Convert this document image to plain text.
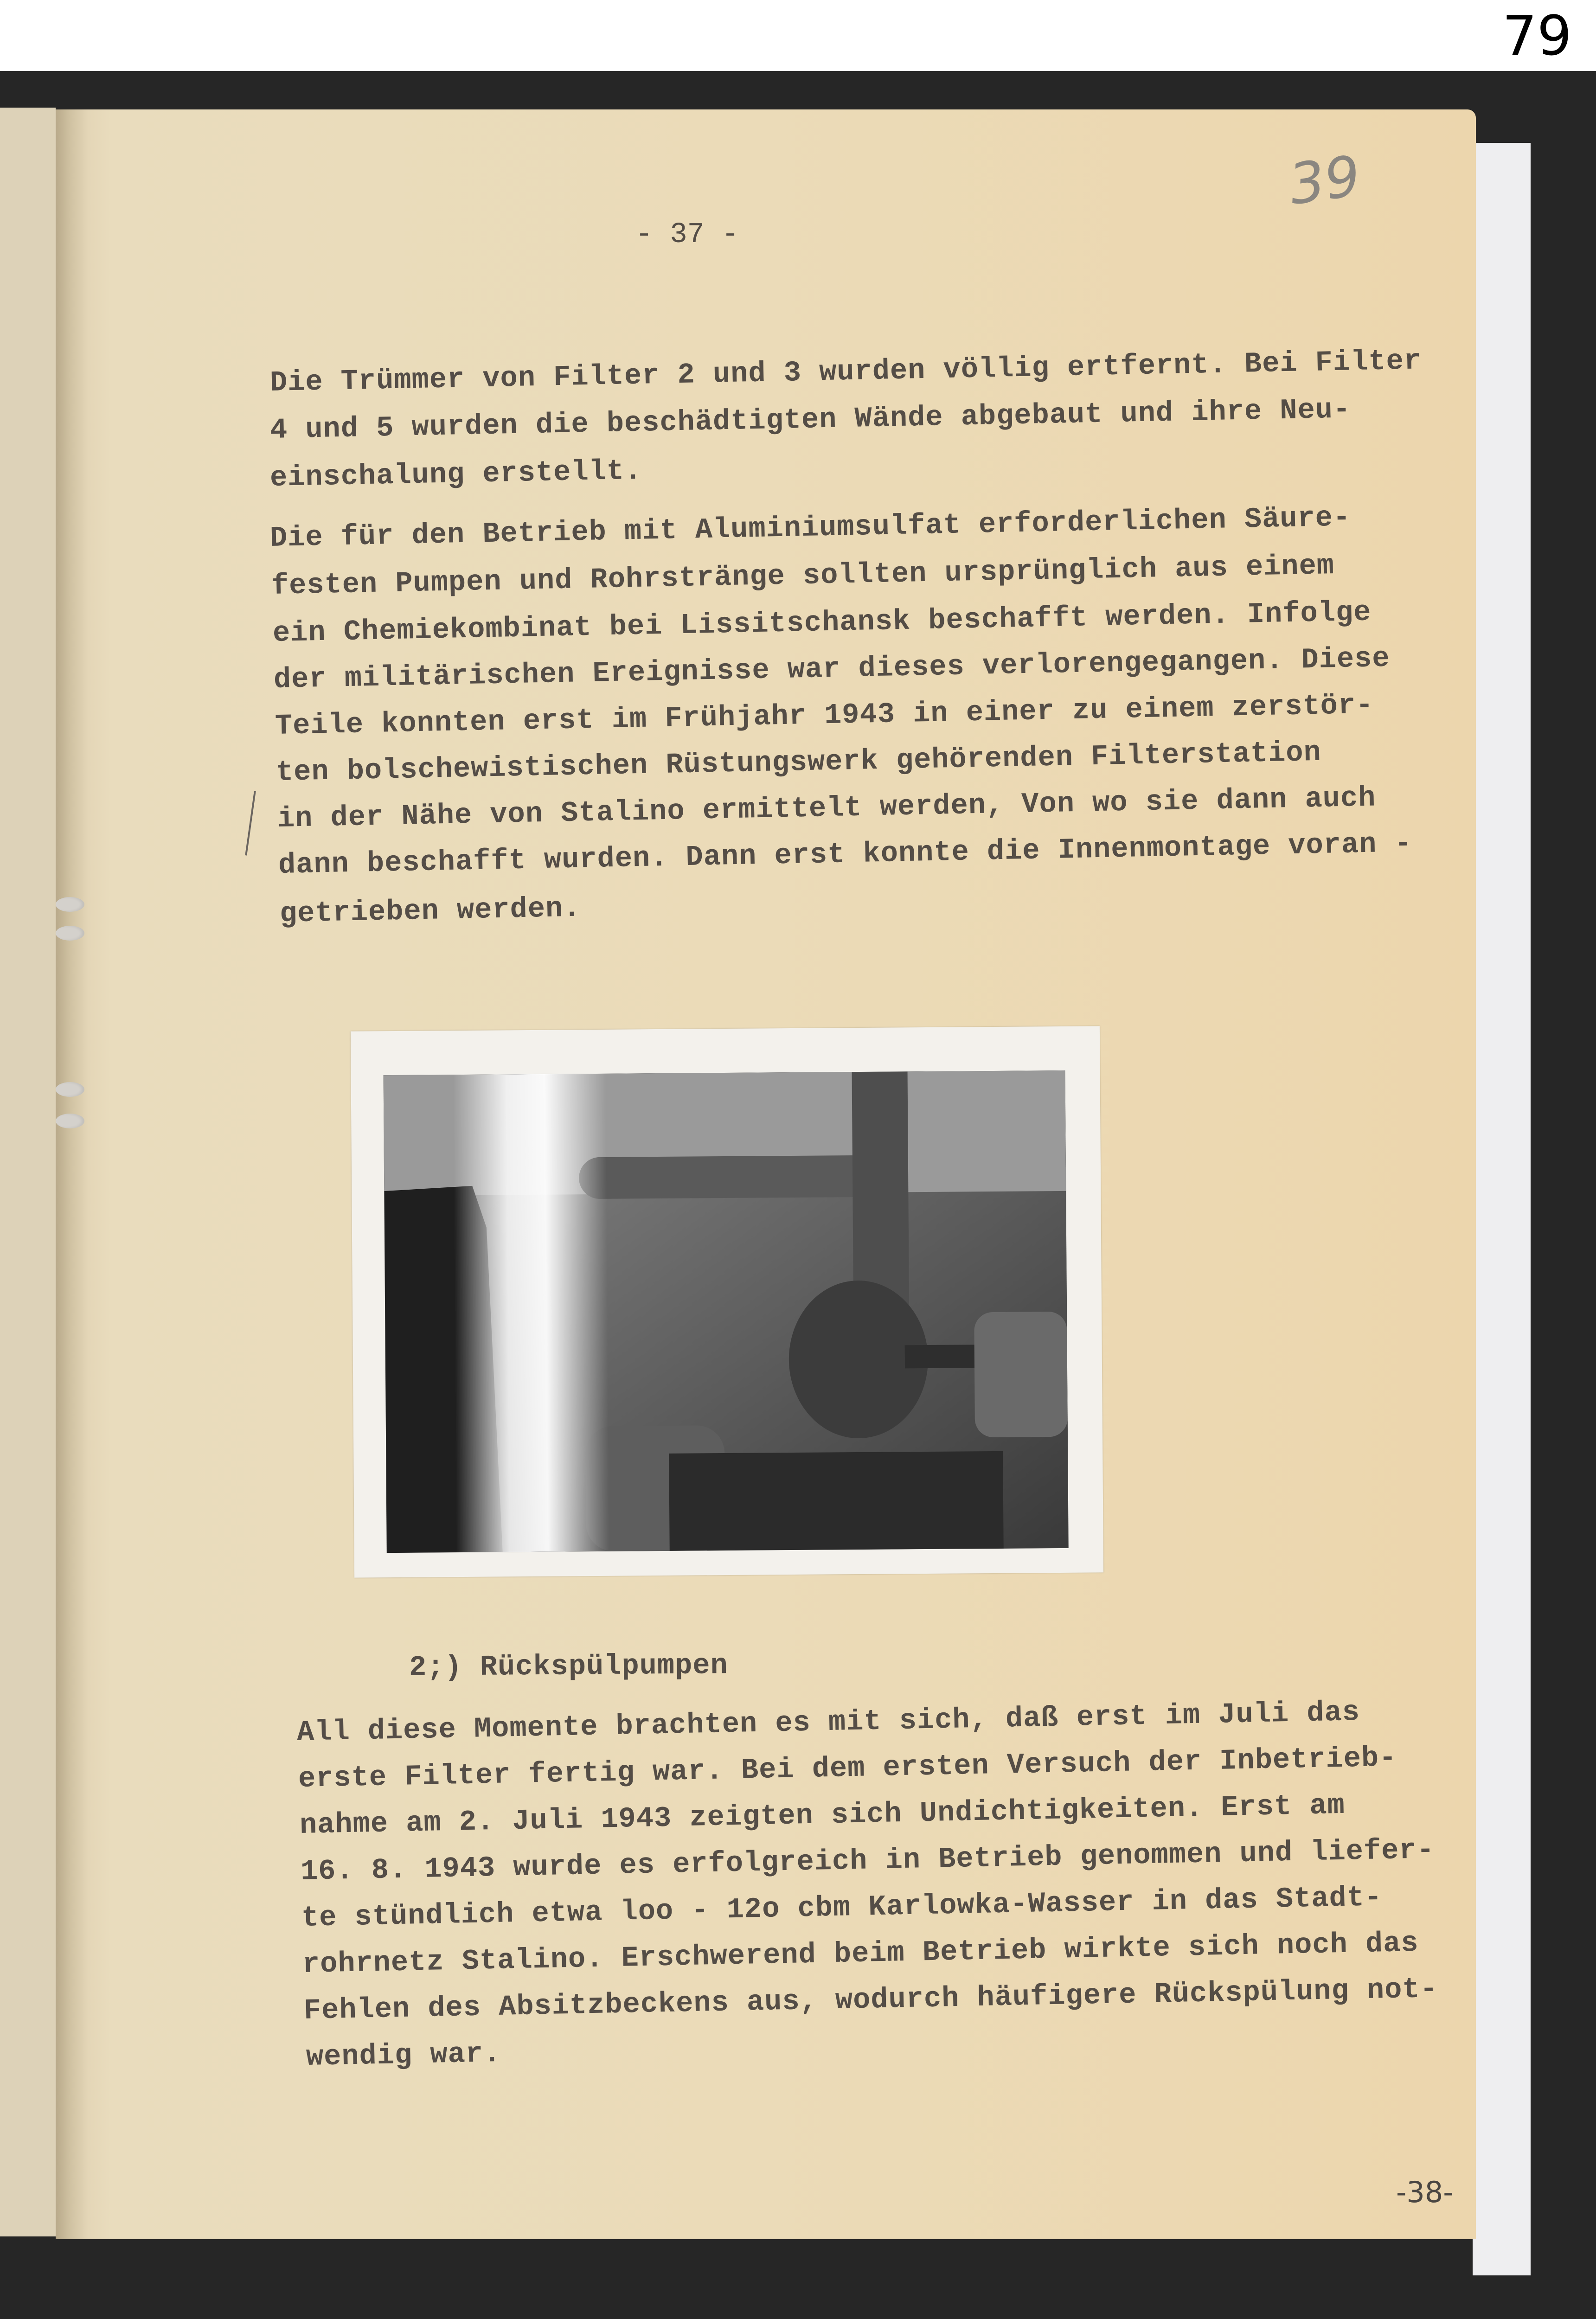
79
- 37 -
39
Die Trümmer von Filter 2 und 3 wurden völlig ertfernt. Bei Filter
4 und 5 wurden die beschädtigten Wände abgebaut und ihre Neu-
einschalung erstellt.
Die für den Betrieb mit Aluminiumsulfat erforderlichen Säure-
festen Pumpen und Rohrstränge sollten ursprünglich aus einem
ein Chemiekombinat bei Lissitschansk beschafft werden. Infolge
der militärischen Ereignisse war dieses verlorengegangen. Diese
Teile konnten erst im Frühjahr 1943 in einer zu einem zerstör-
ten bolschewistischen Rüstungswerk gehörenden Filterstation
in der Nähe von Stalino ermittelt werden, Von wo sie dann auch
dann beschafft wurden. Dann erst konnte die Innenmontage voran -
getrieben werden.
2;) Rückspülpumpen
All diese Momente brachten es mit sich, daß erst im Juli das
erste Filter fertig war. Bei dem ersten Versuch der Inbetrieb-
nahme am 2. Juli 1943 zeigten sich Undichtigkeiten. Erst am
16. 8. 1943 wurde es erfolgreich in Betrieb genommen und liefer-
te stündlich etwa loo - 12o cbm Karlowka-Wasser in das Stadt-
rohrnetz Stalino. Erschwerend beim Betrieb wirkte sich noch das
Fehlen des Absitzbeckens aus, wodurch häufigere Rückspülung not-
wendig war.
-38-
